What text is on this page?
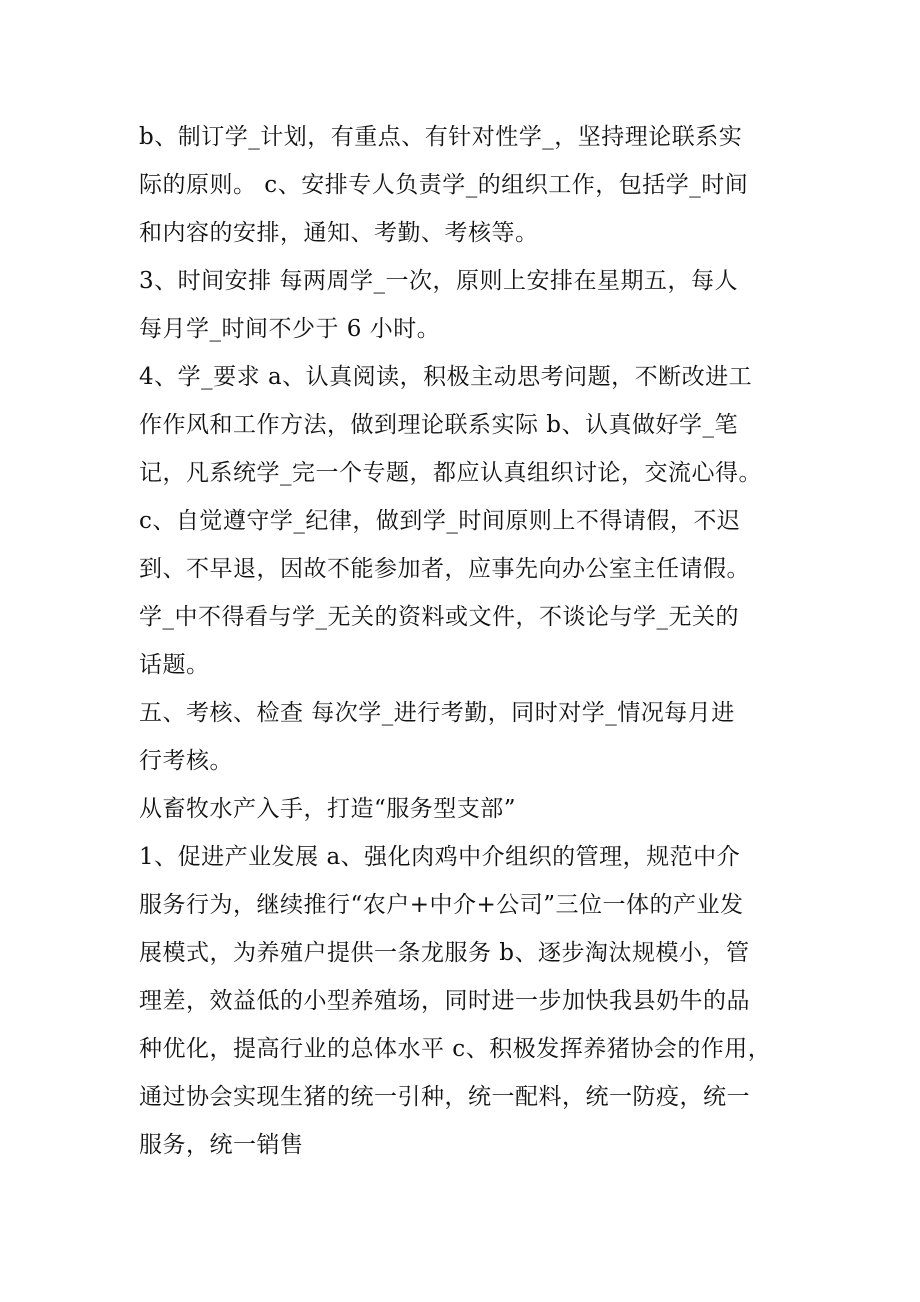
b、制订学_计划，有重点、有针对性学_，坚持理论联系实
际的原则。 c、安排专人负责学_的组织工作，包括学_时间
和内容的安排，通知、考勤、考核等。
3、时间安排 每两周学_一次，原则上安排在星期五，每人
每月学_时间不少于 6 小时。
4、学_要求 a、认真阅读，积极主动思考问题，不断改进工
作作风和工作方法，做到理论联系实际 b、认真做好学_笔
记，凡系统学_完一个专题，都应认真组织讨论，交流心得。
c、自觉遵守学_纪律，做到学_时间原则上不得请假，不迟
到、不早退，因故不能参加者，应事先向办公室主任请假。
学_中不得看与学_无关的资料或文件，不谈论与学_无关的
话题。
五、考核、检查 每次学_进行考勤，同时对学_情况每月进
行考核。
从畜牧水产入手，打造“服务型支部”
1、促进产业发展 a、强化肉鸡中介组织的管理，规范中介
服务行为，继续推行“农户+中介+公司”三位一体的产业发
展模式，为养殖户提供一条龙服务 b、逐步淘汰规模小，管
理差，效益低的小型养殖场，同时进一步加快我县奶牛的品
种优化，提高行业的总体水平 c、积极发挥养猪协会的作用，
通过协会实现生猪的统一引种，统一配料，统一防疫，统一
服务，统一销售
